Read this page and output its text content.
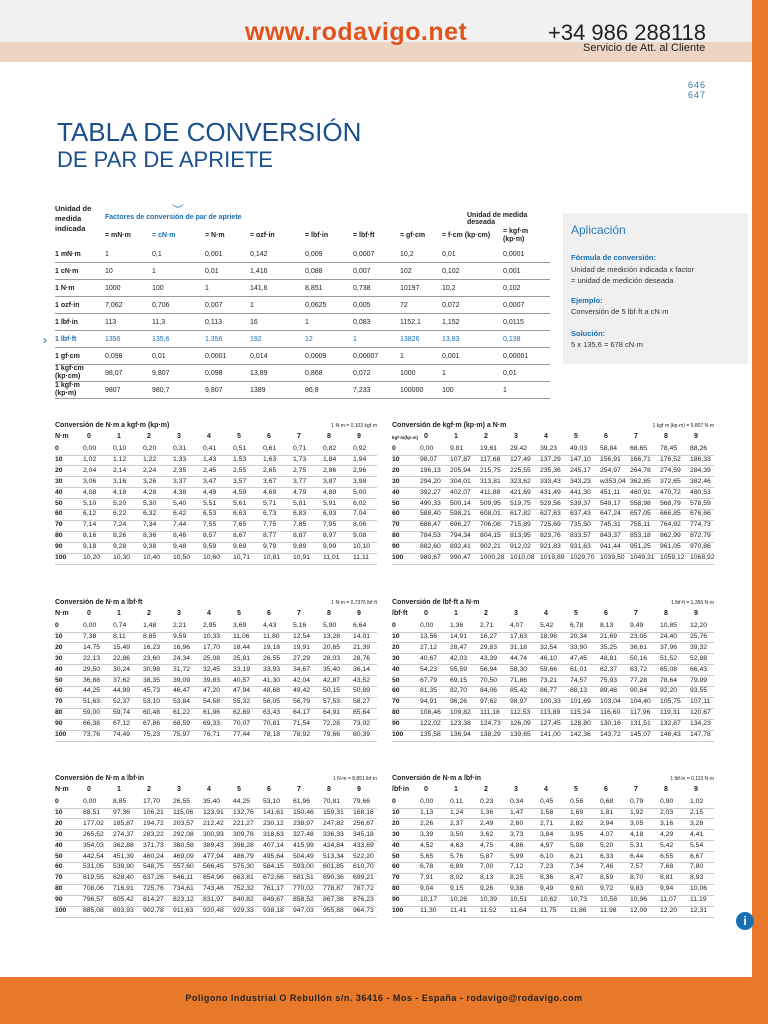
www.rodavigo.net	+34 986 288118
Servicio de Att. al Cliente
646
647
TABLA DE CONVERSIÓN
DE PAR DE APRIETE
︶
Unidad de
medida
indicada
Factores de conversión de par de apriete	Unidad de medida deseada
= mN·m	= cN·m	= N·m	= ozf·in	= lbf·in	= lbf·ft	= gf·cm = f·cm (kp·cm)
= kgf·m (kp·m)
1 mN·m	1	0,1	0,001	0,142	0,009	0,0007	10,2	0,01	0,0001
1 cN·m	10	1	0,01	1,416	0,088	0,007	102	0,102	0,001
1 N·m	1000	100	1	141,6	8,851	0,738	10197	10,2	0,102
1 ozf·in	7,062	0,706	0,007	1	0,0625	0,005	72	0,072	0,0007
1 lbf·in	113	11,3	0,113	16	1	0,083	1152,1	1,152	0,0115
1 lbf·ft	1356	135,6	1,356	192	12	1	13826	13,83	0,138
1 gf·cm	0,098	0,01	0,0001	0,014	0,0009	0,00007	1	0,001	0,00001
1 kgf·cm (kp·cm)	98,07	9,807	0,098	13,89	0,868	0,072	1000	1	0,01
1 kgf·m (kp·m)	9807	980,7	9,807	1389	86,8	7,233	100000	100	1
›
Aplicación
Fórmula de conversión:
Unidad de medición indicada x factor
= unidad de medición deseada
Ejemplo:
Conversión de 5 lbf·ft a cN·m
Solución:
5 x 135,6 = 678 cN·m
Conversión de N·m a kgf·m (kp·m)	1 N·m = 0,102 kgf·m
N·m	0	1	2	3	4	5	6	7	8	9
0	0,00 0,10 0,20 0,31 0,41 0,51 0,61 0,71 0,82 0,92
10	1,02 1,12 1,22 1,33 1,43 1,53 1,63 1,73 1,84 1,94
20	2,04 2,14 2,24 2,35 2,45 2,55 2,65 2,75 2,86 2,96
30	3,06 3,16 3,26 3,37 3,47 3,57 3,67 3,77 3,87 3,98
40	4,08 4,18 4,28 4,38 4,49 4,59 4,69 4,79 4,89 5,00
50	5,10 5,20 5,30 5,40 5,51 5,61 5,71 5,81 5,91 6,02
60	6,12 6,22 6,32 6,42 6,53 6,63 6,73 6,83 6,93 7,04
70	7,14 7,24 7,34 7,44 7,55 7,65 7,75 7,85 7,95 8,06
80	8,16 8,26 8,36 8,46 8,57 8,67 8,77 8,87 8,97 9,08
90	9,18 9,28 9,38 9,48 9,59 9,69 9,79 9,89 9,99 10,10
100 10,20 10,30 10,40 10,50 10,60 10,71 10,81 10,91 11,01 11,11
Conversión de kgf·m (kp·m) a N·m	1 kgf·m (kp·m) = 9,807 N·m
kgf·m(kp·m) 0	1	2	3	4	5	6	7	8	9
0	0,00 9,81 19,61 29,42 39,23 49,03 58,84 68,65 78,45 88,26
10	98,07 107,87 117,68 127,49 137,29 147,10 156,91 166,71 176,52 186,33
20	196,13 205,94 215,75 225,55 235,36 245,17 254,97 264,78 274,59 284,39
30	294,20 304,01 313,81 323,62 333,43 343,23 w353,04 362,85 372,65 382,46
40	392,27 402,07 411,88 421,69 431,49 441,30 451,11 460,91 470,72 480,53
50	490,33 500,14 509,95 519,75 529,56 539,37 549,17 558,98 568,79 578,59
60	588,40 598,21 608,01 617,82 627,63 637,43 647,24 657,05 666,85 676,66
70	686,47 696,27 706,08 715,89 725,69 735,50 745,31 755,11 764,92 774,73
80	784,53 794,34 804,15 813,95 823,76 833,57 843,37 853,18 862,99 872,79
90	882,60 892,41 902,21 912,02 921,83 931,63 941,44 951,25 961,05 970,86
100 980,67 990,47 1000,28 1010,08 1019,89 1029,70 1039,50 1049,31 1059,12 1068,92
Conversión de N·m a lbf·ft	1 N·m = 0,7376 lbf·ft
N·m	0	1	2	3	4	5	6	7	8	9
0	0,00 0,74 1,48 2,21 2,95 3,69 4,43 5,16 5,90 6,64
10	7,38 8,11	8,85 9,59 10,33 11,06 11,80 12,54 13,28 14,01
20	14,75 15,49 16,23 16,96 17,70 18,44 19,18 19,91 20,65 21,39
30	22,13 22,86 23,60 24,34 25,08 25,81 26,55 27,29 28,03 28,76
40	29,50 30,24 30,98 31,72 32,45 33,19 33,93 34,67 35,40 36,14
50	36,88 37,62 38,35 39,09 39,83 40,57 41,30 42,04 42,87 43,52
60	44,25 44,99 45,73 46,47 47,20 47,94 48,68 49,42 50,15 50,89
70	51,63 52,37 53,10 53,84 54,58 55,32 56,05 56,79 57,53 58,27
80	59,00 59,74 60,48 61,22 61,96 62,69 63,43 64,17 64,91 65,64
90	66,38 67,12 67,86 68,59 69,33 70,07 70,81 71,54 72,28 73,02
100 73,76 74,49 75,23 75,97 76,71 77,44 78,18 78,92 79,66 80,39
Conversión de lbf·ft a N·m	1 lbf·ft = 1,356 N·m
lbf·ft 0	1	2	3	4	5	6	7	8	9
0	0,00 1,36 2,71 4,07 5,42 6,78 8,13 9,49 10,85 12,20
10	13,56 14,91 16,27 17,63 18,98 20,34 21,69 23,05 24,40 25,76
20	27,12 28,47 29,83 31,18 32,54 33,90 35,25 36,61 37,96 39,32
30	40,67 42,03 43,39 44,74 46,10 47,45 48,81 50,16 51,52 52,88
40	54,23 55,59 56,94 58,30 59,66 61,01 62,37 63,72 65,08 66,43
50	67,79 69,15 70,50 71,86 73,21 74,57 75,93 77,28 78,64 79,99
60	81,35 82,70 84,06 85,42 86,77 88,13 89,48 90,84 92,20 93,55
70	94,91 96,26 97,62 98,97 100,33 101,69 103,04 104,40 105,75 107,11
80	108,46 109,82 111,18 112,53 113,89 115,24 116,60 117,96 119,31 120,67
90	122,02 123,38 124,73 126,09 127,45 128,80 130,16 131,51 132,87 134,23
100 135,58 136,94 138,29 139,65 141,00 142,36 143,72 145,07 146,43 147,78
Conversión de N·m a lbf·in	1 N·m = 8,851 lbf·in
N·m	0	1	2	3	4	5	6	7	8	9
0	0,00 8,85 17,70 26,55 35,40 44,25 53,10 61,96 70,81 79,66
10	88,51 97,36 106,21 115,06 123,91 132,76 141,61 150,46 159,31 168,16
20	177,02 185,87 194,72 203,57 212,42 221,27 230,12 238,97 247,82 256,67
30	265,52 274,37 283,22 292,08 300,93 309,78 318,63 327,48 336,33 345,18
40	354,03 362,88 371,73 380,58 389,43 398,28 407,14 415,99 424,84 433,69
50	442,54 451,39 460,24 469,09 477,94 486,79 495,64 504,49 513,34 522,20
60	531,05 539,90 548,75 557,60 566,45 575,30 584,15 593,00 601,85 610,70
70	619,55 628,40 637,26 646,11 654,96 663,81 672,66 681,51 690,36 699,21
80	708,06 716,91 725,76 734,61 743,46 752,32 761,17 770,02 778,87 787,72
90	796,57 805,42 814,27 823,12 831,97 840,82 849,67 858,52 867,38 876,23
100 885,08 893,93 902,78 911,63 920,48 929,33 938,18 947,03 955,88 964,73
Conversión de N·m a lbf·in	1 lbf·in = 0,113 N·m
lbf·in 0	1	2	3	4	5	6	7	8	9
0	0,00 0,11	0,23 0,34 0,45 0,56 0,68 0,79 0,90 1,02
10	1,13 1,24 1,36 1,47 1,58 1,69 1,81 1,92 2,03 2,15
20	2,26 2,37 2,49 2,60 2,71 2,82 2,94 3,05 3,16 3,28
30	3,39 3,50 3,62 3,73 3,84 3,95 4,07 4,18 4,29 4,41
40	4,52 4,63 4,75 4,86 4,97 5,08 5,20 5,31 5,42 5,54
50	5,65 5,76 5,87 5,99 6,10 6,21 6,33 6,44 6,55 6,67
60	6,78 6,89 7,00 7,12 7,23 7,34 7,46 7,57 7,68 7,80
70	7,91 8,02 8,13 8,25 8,36 8,47 8,59 8,70 8,81 8,93
80	9,04 9,15 9,26 9,38 9,49 9,60 9,72 9,83 9,94 10,06
90	10,17 10,28 10,39 10,51 10,62 10,73 10,58 10,96 11,07 11,19
100 11,30 11,41 11,52 11,64 11,75 11,86 11,98 12,09 12,20 12,31
i
Polígono Industrial O Rebullón s/n. 36416 - Mos - España - rodavigo@rodavigo.com
